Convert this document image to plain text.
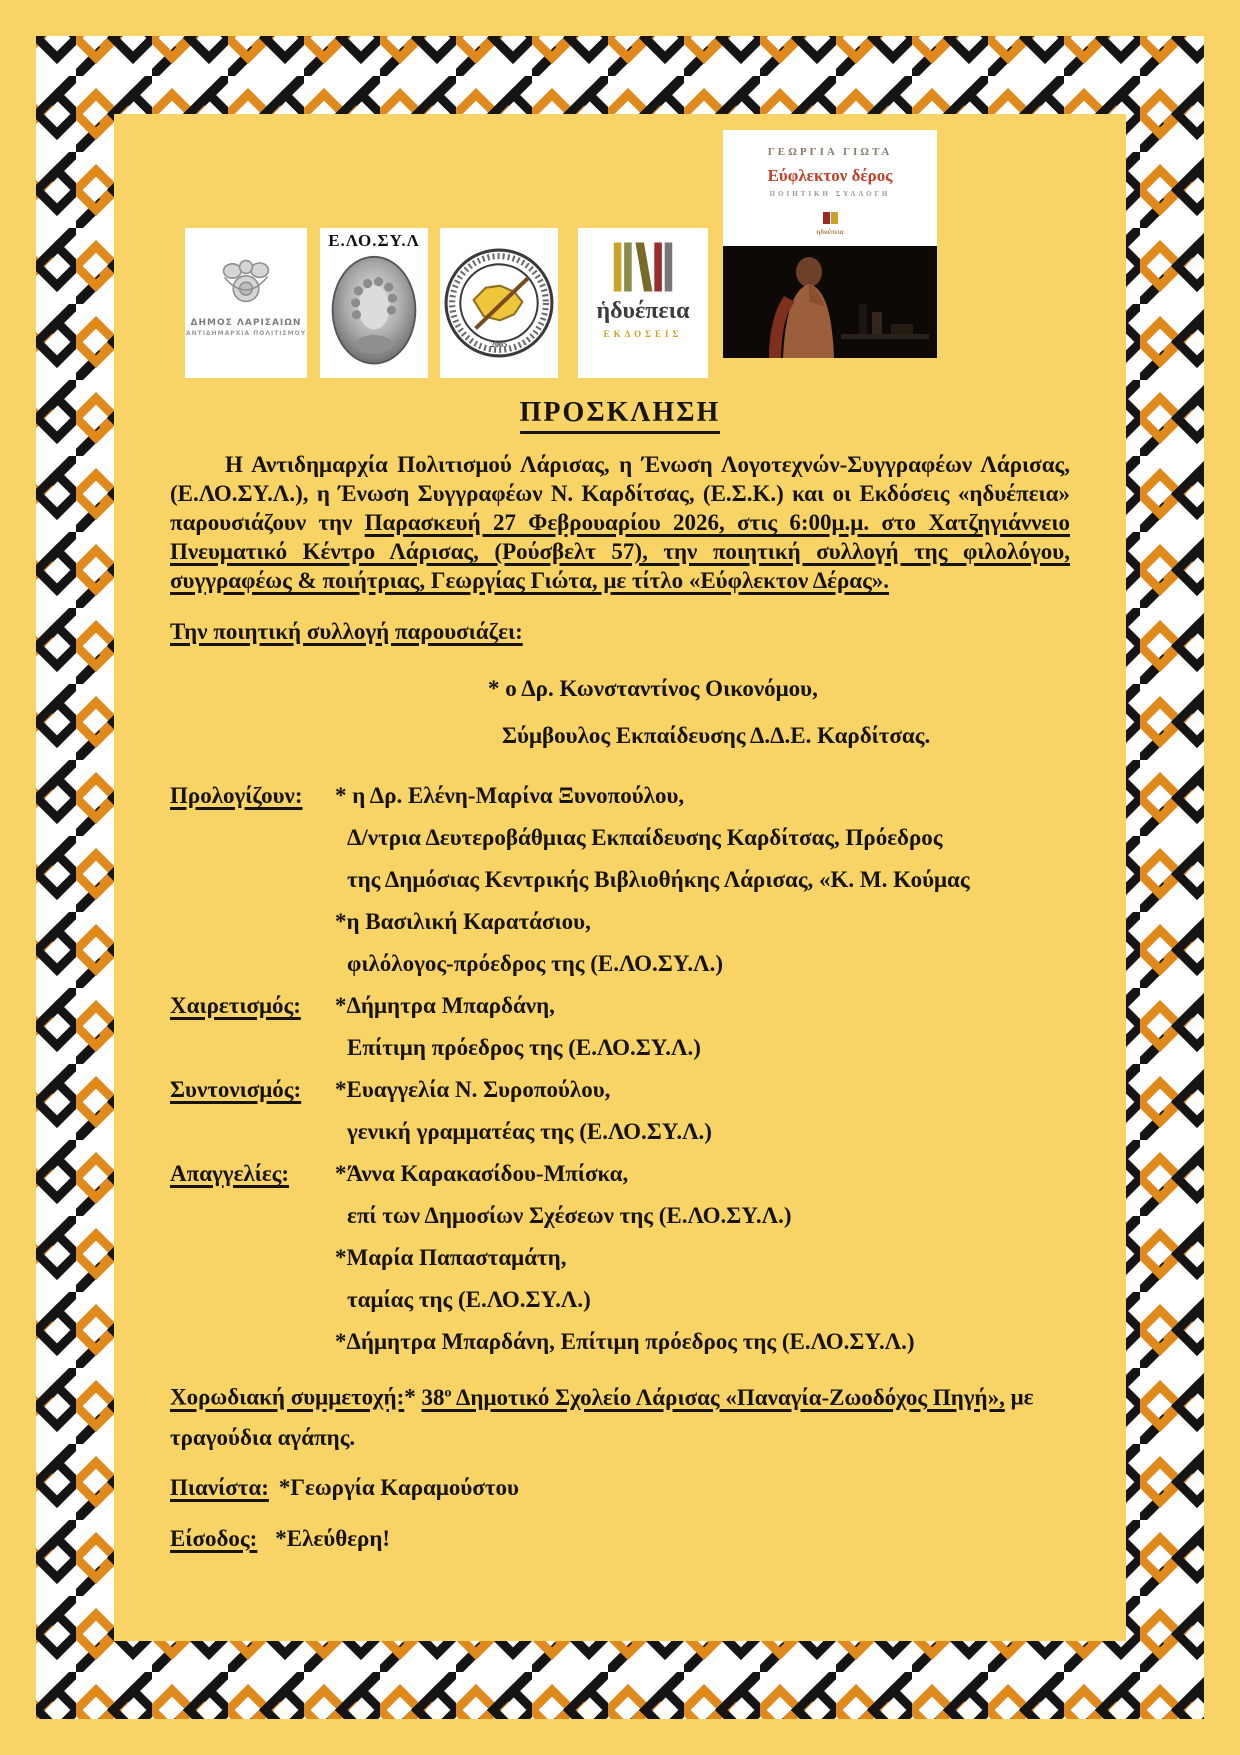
ΔΗΜΟΣ ΛΑΡΙΣΑΙΩΝ
ΑΝΤΙΔΗΜΑΡΧΙΑ ΠΟΛΙΤΙΣΜΟΥ
Ε.ΛΟ.ΣΥ.Λ
2005
ἡδυέπεια
ΕΚΔΟΣΕΙΣ
ΓΕΩΡΓΙΑ ΓΙΩΤΑ
Εύφλεκτον δέρος
ΠΟΙΗΤΙΚΗ ΣΥΛΛΟΓΗ
ηδυέπεια
ΠΡΟΣΚΛΗΣΗ

Η Αντιδημαρχία Πολιτισμού Λάρισας, η Ένωση Λογοτεχνών-Συγγραφέων Λάρισας, (Ε.ΛΟ.ΣΥ.Λ.), η Ένωση Συγγραφέων Ν. Καρδίτσας, (Ε.Σ.Κ.) και οι Εκδόσεις «ηδυέπεια» παρουσιάζουν την Παρασκευή 27 Φεβρουαρίου 2026, στις 6:00μ.μ. στο Χατζηγιάννειο Πνευματικό Κέντρο Λάρισας, (Ρούσβελτ 57), την ποιητική συλλογή της φιλολόγου, συγγραφέως & ποιήτριας, Γεωργίας Γιώτα, με τίτλο «Εύφλεκτον Δέρας».

Την ποιητική συλλογή παρουσιάζει:
* ο Δρ. Κωνσταντίνος Οικονόμου,
Σύμβουλος Εκπαίδευσης Δ.Δ.Ε. Καρδίτσας.
Προλογίζουν:	* η Δρ. Ελένη-Μαρίνα Ξυνοπούλου,
Δ/ντρια Δευτεροβάθμιας Εκπαίδευσης Καρδίτσας, Πρόεδρος
της Δημόσιας Κεντρικής Βιβλιοθήκης Λάρισας, «Κ. Μ. Κούμας
*η Βασιλική Καρατάσιου,
φιλόλογος-πρόεδρος της (Ε.ΛΟ.ΣΥ.Λ.)
Χαιρετισμός:	*Δήμητρα Μπαρδάνη,
Επίτιμη πρόεδρος της (Ε.ΛΟ.ΣΥ.Λ.)
Συντονισμός:	*Ευαγγελία Ν. Συροπούλου,
γενική γραμματέας της (Ε.ΛΟ.ΣΥ.Λ.)
Απαγγελίες:	*Άννα Καρακασίδου-Μπίσκα,
επί των Δημοσίων Σχέσεων της (Ε.ΛΟ.ΣΥ.Λ.)
*Μαρία Παπασταμάτη,
ταμίας της (Ε.ΛΟ.ΣΥ.Λ.)
*Δήμητρα Μπαρδάνη, Επίτιμη πρόεδρος της (Ε.ΛΟ.ΣΥ.Λ.)

Χορωδιακή συμμετοχή:* $38^o$ Δημοτικό Σχολείο Λάρισας «Παναγία-Ζωοδόχος Πηγή», με τραγούδια αγάπης.

Πιανίστα: *Γεωργία Καραμούστου

Είσοδος: *Ελεύθερη!
